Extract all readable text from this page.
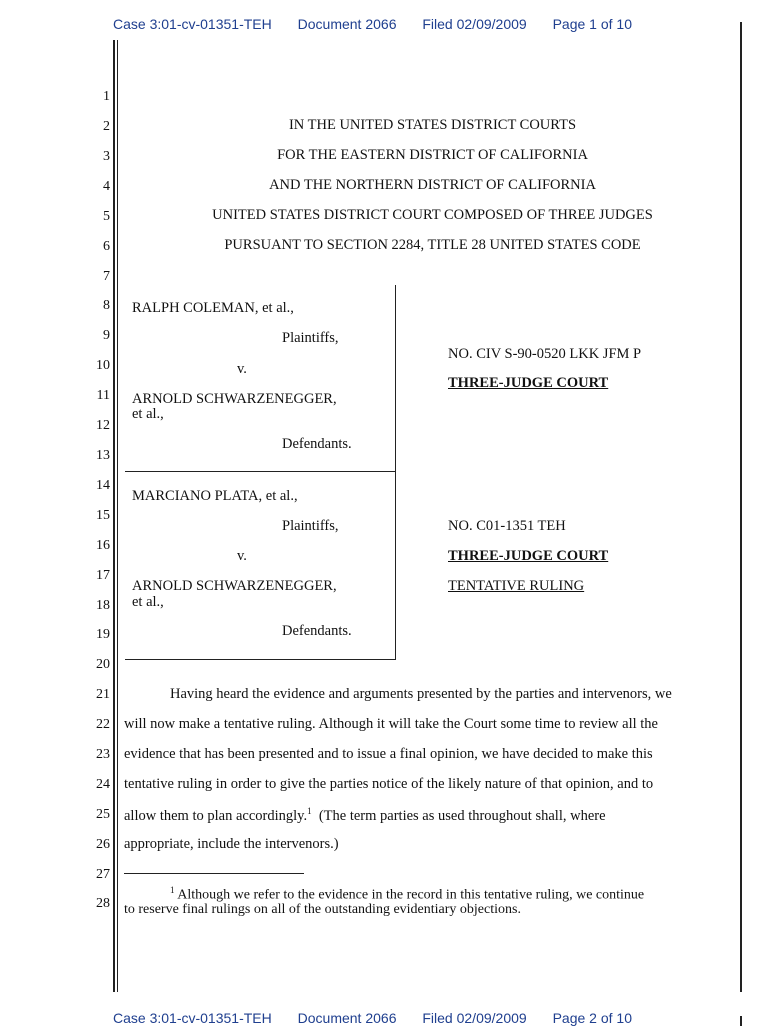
Case 3:01-cv-01351-TEH Document 2066 Filed 02/09/2009 Page 1 of 10
1
2
3
4
5
6
7
8
9
10
11
12
13
14
15
16
17
18
19
20
21
22
23
24
25
26
27
28
IN THE UNITED STATES DISTRICT COURTS
FOR THE EASTERN DISTRICT OF CALIFORNIA
AND THE NORTHERN DISTRICT OF CALIFORNIA
UNITED STATES DISTRICT COURT COMPOSED OF THREE JUDGES
PURSUANT TO SECTION 2284, TITLE 28 UNITED STATES CODE
RALPH COLEMAN, et al.,
Plaintiffs,
v.
ARNOLD SCHWARZENEGGER,
et al.,
Defendants.
NO. CIV S-90-0520 LKK JFM P
THREE-JUDGE COURT
MARCIANO PLATA, et al.,
Plaintiffs,
v.
ARNOLD SCHWARZENEGGER,
et al.,
Defendants.
NO. C01-1351 TEH
THREE-JUDGE COURT
TENTATIVE RULING
Having heard the evidence and arguments presented by the parties and intervenors, we
will now make a tentative ruling. Although it will take the Court some time to review all the
evidence that has been presented and to issue a final opinion, we have decided to make this
tentative ruling in order to give the parties notice of the likely nature of that opinion, and to
allow them to plan accordingly.$^1$  (The term parties as used throughout shall, where
appropriate, include the intervenors.)
$^1$ Although we refer to the evidence in the record in this tentative ruling, we continue
to reserve final rulings on all of the outstanding evidentiary objections.
Case 3:01-cv-01351-TEH Document 2066 Filed 02/09/2009 Page 2 of 10
